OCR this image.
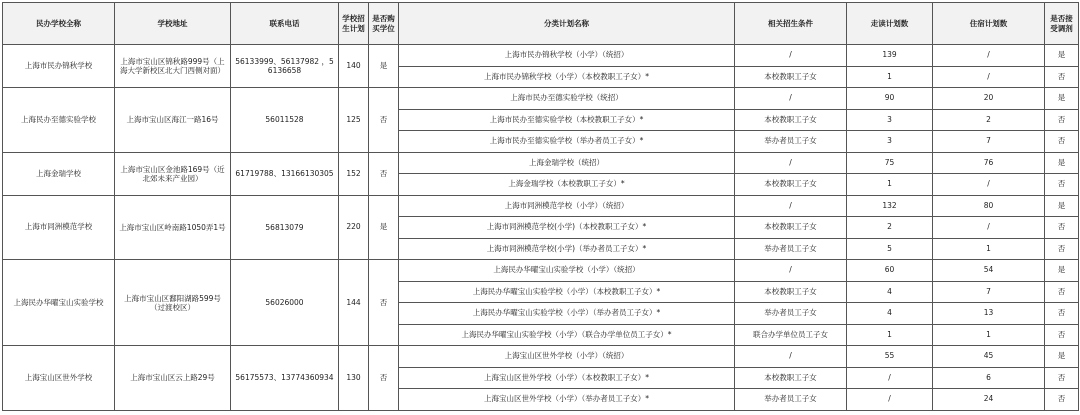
民办学校全称	学校地址	联系电话	学校招生计划	是否购买学位	分类计划名称	相关招生条件	走读计划数	住宿计划数	是否接受调剂
上海市民办锦秋学校	上海市宝山区锦秋路999号（上海大学新校区北大门西侧对面）	56133999、56137982 ，56136658	140	是	上海市民办锦秋学校（小学）（统招）	/	139	/	是
					上海市民办锦秋学校（小学）（本校教职工子女）*	本校教职工子女	1	/	否
上海民办至德实验学校	上海市宝山区海江一路16号	56011528	125	否	上海市民办至德实验学校（统招）	/	90	20	是
					上海市民办至德实验学校（本校教职工子女）*	本校教职工子女	3	2	否
					上海市民办至德实验学校（举办者员工子女）*	举办者员工子女	3	7	否
上海金瑞学校	上海市宝山区金池路169号（近北郊未来产业园）	61719788、13166130305	152	否	上海金瑞学校（统招）	/	75	76	是
					上海金瑞学校（本校教职工子女）*	本校教职工子女	1	/	否
上海市同洲模范学校	上海市宝山区岭南路1050弄1号	56813079	220	是	上海市同洲模范学校（小学）（统招）	/	132	80	是
					上海市同洲模范学校(小学)（本校教职工子女）*	本校教职工子女	2	/	否
					上海市同洲模范学校(小学)（举办者员工子女）*	举办者员工子女	5	1	否
上海民办华曜宝山实验学校	上海市宝山区鄱阳湖路599号（过渡校区）	56026000	144	否	上海民办华曜宝山实验学校（小学）（统招）	/	60	54	是
					上海民办华曜宝山实验学校（小学）（本校教职工子女）*	本校教职工子女	4	7	否
					上海民办华曜宝山实验学校（小学）（举办者员工子女）*	举办者员工子女	4	13	否
					上海民办华曜宝山实验学校（小学）（联合办学单位员工子女）*	联合办学单位员工子女	1	1	否
上海宝山区世外学校	上海市宝山区云上路29号	56175573、13774360934	130	否	上海宝山区世外学校（小学）（统招）	/	55	45	是
					上海宝山区世外学校（小学）（本校教职工子女）*	本校教职工子女	/	6	否
					上海宝山区世外学校（小学）（举办者员工子女）*	举办者员工子女	/	24	否
